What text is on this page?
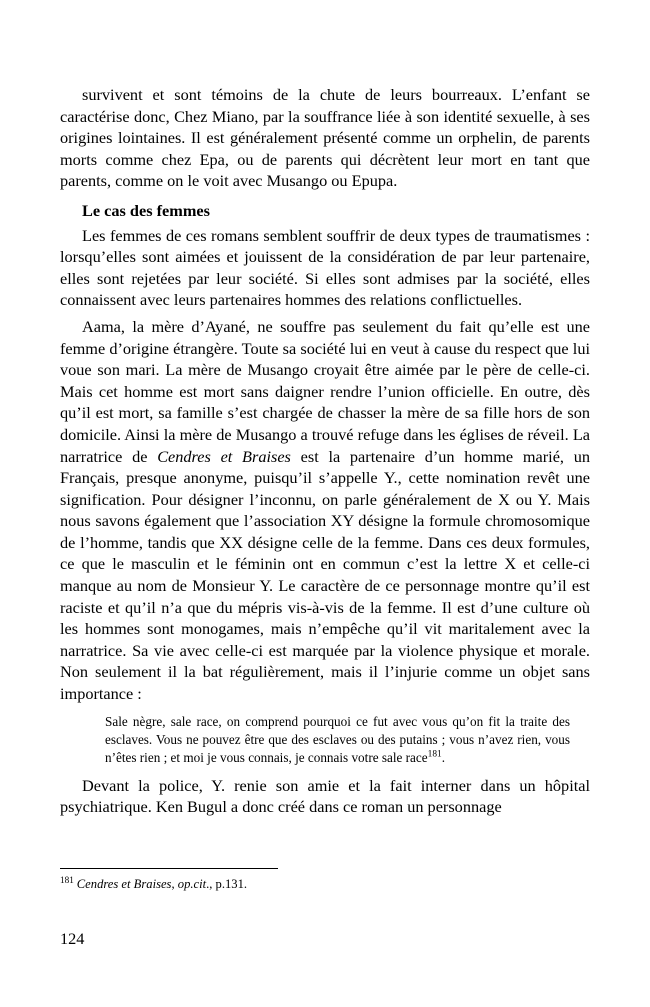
survivent et sont témoins de la chute de leurs bourreaux. L’enfant se caractérise donc, Chez Miano, par la souffrance liée à son identité sexuelle, à ses origines lointaines. Il est généralement présenté comme un orphelin, de parents morts comme chez Epa, ou de parents qui décrètent leur mort en tant que parents, comme on le voit avec Musango ou Epupa.

Le cas des femmes

Les femmes de ces romans semblent souffrir de deux types de traumatismes : lorsqu’elles sont aimées et jouissent de la considération de par leur partenaire, elles sont rejetées par leur société. Si elles sont admises par la société, elles connaissent avec leurs partenaires hommes des relations conflictuelles.

Aama, la mère d’Ayané, ne souffre pas seulement du fait qu’elle est une femme d’origine étrangère. Toute sa société lui en veut à cause du respect que lui voue son mari. La mère de Musango croyait être aimée par le père de celle-ci. Mais cet homme est mort sans daigner rendre l’union officielle. En outre, dès qu’il est mort, sa famille s’est chargée de chasser la mère de sa fille hors de son domicile. Ainsi la mère de Musango a trouvé refuge dans les églises de réveil. La narratrice de Cendres et Braises est la partenaire d’un homme marié, un Français, presque anonyme, puisqu’il s’appelle Y., cette nomination revêt une signification. Pour désigner l’inconnu, on parle généralement de X ou Y. Mais nous savons également que l’association XY désigne la formule chromosomique de l’homme, tandis que XX désigne celle de la femme. Dans ces deux formules, ce que le masculin et le féminin ont en commun c’est la lettre X et celle-ci manque au nom de Monsieur Y. Le caractère de ce personnage montre qu’il est raciste et qu’il n’a que du mépris vis-à-vis de la femme. Il est d’une culture où les hommes sont monogames, mais n’empêche qu’il vit maritalement avec la narratrice. Sa vie avec celle-ci est marquée par la violence physique et morale. Non seulement il la bat régulièrement, mais il l’injurie comme un objet sans importance :

Sale nègre, sale race, on comprend pourquoi ce fut avec vous qu’on fit la traite des esclaves. Vous ne pouvez être que des esclaves ou des putains ; vous n’avez rien, vous n’êtes rien ; et moi je vous connais, je connais votre sale race$^{181}$.

Devant la police, Y. renie son amie et la fait interner dans un hôpital psychiatrique. Ken Bugul a donc créé dans ce roman un personnage

$^{181}$ Cendres et Braises, op.cit., p.131.

124
